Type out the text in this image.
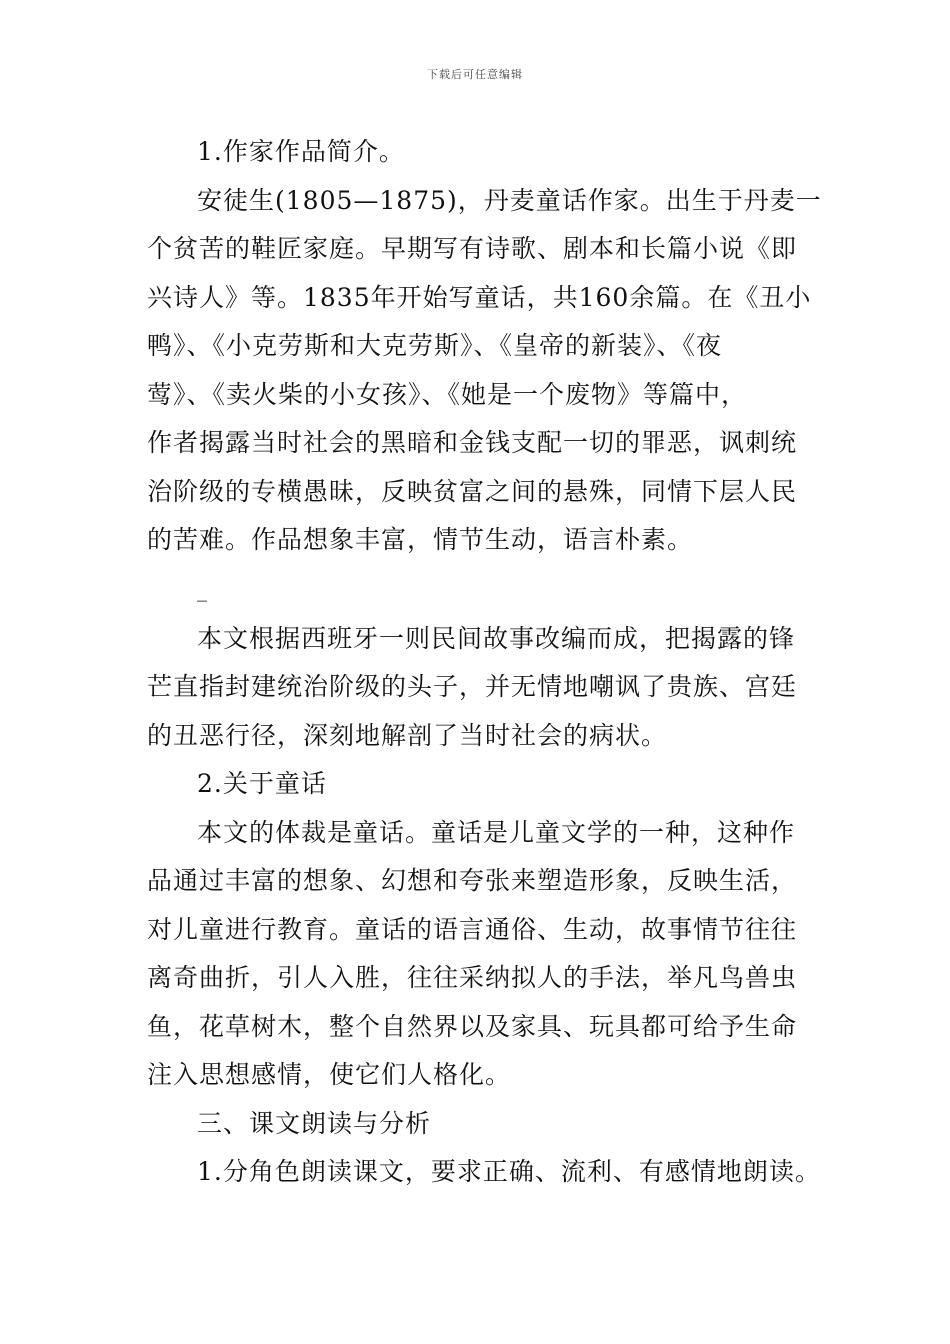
下载后可任意编辑
1.作家作品简介。
安徒生(1805—1875)，丹麦童话作家。出生于丹麦一
个贫苦的鞋匠家庭。早期写有诗歌、剧本和长篇小说《即
兴诗人》等。1835年开始写童话，共160余篇。在《丑小
鸭》、《小克劳斯和大克劳斯》、《皇帝的新装》、《夜
莺》、《卖火柴的小女孩》、《她是一个废物》等篇中，
作者揭露当时社会的黑暗和金钱支配一切的罪恶，讽刺统
治阶级的专横愚昧，反映贫富之间的悬殊，同情下层人民
的苦难。作品想象丰富，情节生动，语言朴素。
_
本文根据西班牙一则民间故事改编而成，把揭露的锋
芒直指封建统治阶级的头子，并无情地嘲讽了贵族、宫廷
的丑恶行径，深刻地解剖了当时社会的病状。
2.关于童话
本文的体裁是童话。童话是儿童文学的一种，这种作
品通过丰富的想象、幻想和夸张来塑造形象，反映生活，
对儿童进行教育。童话的语言通俗、生动，故事情节往往
离奇曲折，引人入胜，往往采纳拟人的手法，举凡鸟兽虫
鱼，花草树木，整个自然界以及家具、玩具都可给予生命
注入思想感情，使它们人格化。
三、课文朗读与分析
1.分角色朗读课文，要求正确、流利、有感情地朗读。
